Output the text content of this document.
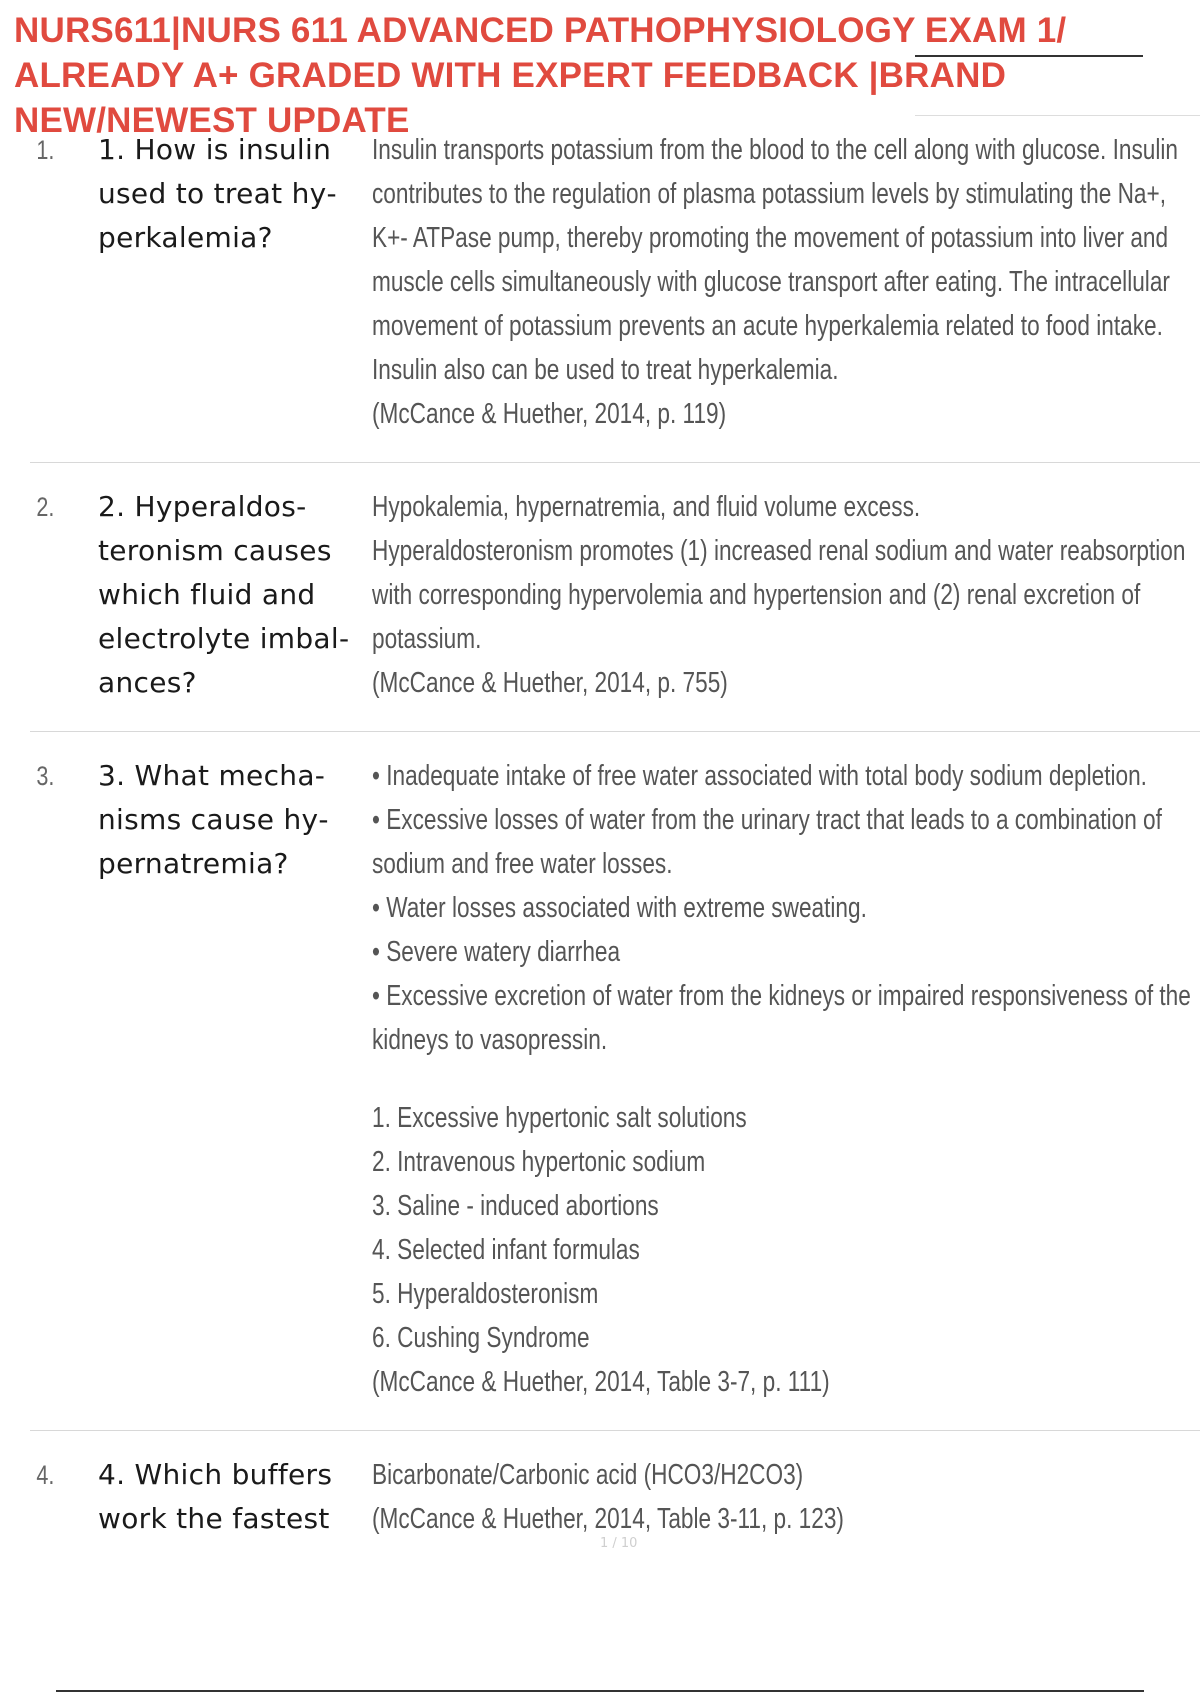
NURS611|NURS 611 ADVANCED PATHOPHYSIOLOGY EXAM 1/
ALREADY A+ GRADED WITH EXPERT FEEDBACK |BRAND
NEW/NEWEST UPDATE
1.	1. How is insulin used to treat hyperkalemia?
Insulin transports potassium from the blood to the cell along with glucose. Insulin
contributes to the regulation of plasma potassium levels by stimulating the Na+,
K+- ATPase pump, thereby promoting the movement of potassium into liver and
muscle cells simultaneously with glucose transport after eating. The intracellular
movement of potassium prevents an acute hyperkalemia related to food intake.
Insulin also can be used to treat hyperkalemia.
(McCance & Huether, 2014, p. 119)
2.	2. Hyperaldosteronism causes which fluid and electrolyte imbalances?
Hypokalemia, hypernatremia, and fluid volume excess.
Hyperaldosteronism promotes (1) increased renal sodium and water reabsorption
with corresponding hypervolemia and hypertension and (2) renal excretion of
potassium.
(McCance & Huether, 2014, p. 755)
3.	3. What mechanisms cause hypernatremia?
• Inadequate intake of free water associated with total body sodium depletion.
• Excessive losses of water from the urinary tract that leads to a combination of
sodium and free water losses.
• Water losses associated with extreme sweating.
• Severe watery diarrhea
• Excessive excretion of water from the kidneys or impaired responsiveness of the
kidneys to vasopressin.
1. Excessive hypertonic salt solutions
2. Intravenous hypertonic sodium
3. Saline - induced abortions
4. Selected infant formulas
5. Hyperaldosteronism
6. Cushing Syndrome
(McCance & Huether, 2014, Table 3-7, p. 111)
4.	4. Which buffers work the fastest
Bicarbonate/Carbonic acid (HCO3/H2CO3)
(McCance & Huether, 2014, Table 3-11, p. 123)
1 / 10
